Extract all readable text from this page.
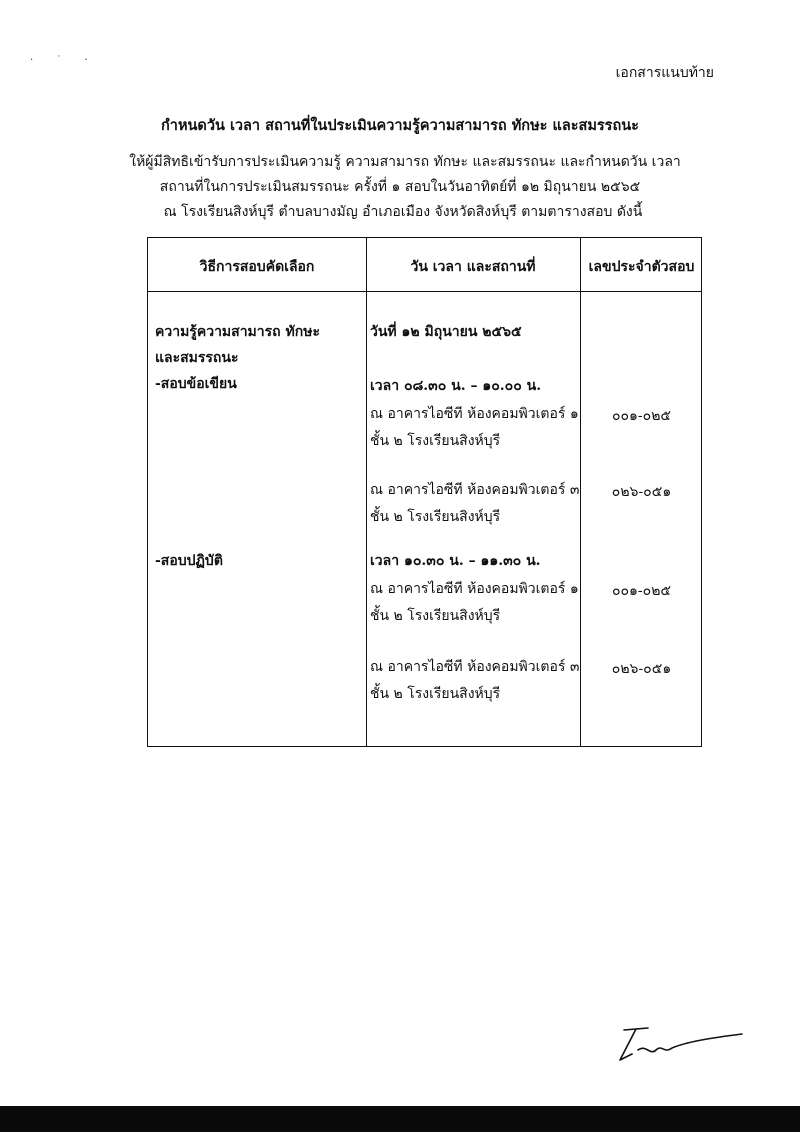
· ˙ ·
เอกสารแนบท้าย
กำหนดวัน เวลา สถานที่ในประเมินความรู้ความสามารถ ทักษะ และสมรรถนะ
ให้ผู้มีสิทธิเข้ารับการประเมินความรู้ ความสามารถ ทักษะ และสมรรถนะ และกำหนดวัน เวลา
สถานที่ในการประเมินสมรรถนะ ครั้งที่ ๑ สอบในวันอาทิตย์ที่ ๑๒ มิถุนายน ๒๕๖๕
ณ โรงเรียนสิงห์บุรี ตำบลบางมัญ อำเภอเมือง จังหวัดสิงห์บุรี ตามตารางสอบ ดังนี้
วิธีการสอบคัดเลือก	วัน เวลา และสถานที่	เลขประจำตัวสอบ
ความรู้ความสามารถ ทักษะ
และสมรรถนะ
-สอบข้อเขียน
-สอบปฏิบัติ
วันที่ ๑๒ มิถุนายน ๒๕๖๕
เวลา ๐๘.๓๐ น. – ๑๐.๐๐ น.
ณ อาคารไอซีที ห้องคอมพิวเตอร์ ๑
ชั้น ๒ โรงเรียนสิงห์บุรี
ณ อาคารไอซีที ห้องคอมพิวเตอร์ ๓
ชั้น ๒ โรงเรียนสิงห์บุรี
เวลา ๑๐.๓๐ น. – ๑๑.๓๐ น.
ณ อาคารไอซีที ห้องคอมพิวเตอร์ ๑
ชั้น ๒ โรงเรียนสิงห์บุรี
ณ อาคารไอซีที ห้องคอมพิวเตอร์ ๓
ชั้น ๒ โรงเรียนสิงห์บุรี
๐๐๑-๐๒๕
๐๒๖-๐๕๑
๐๐๑-๐๒๕
๐๒๖-๐๕๑
